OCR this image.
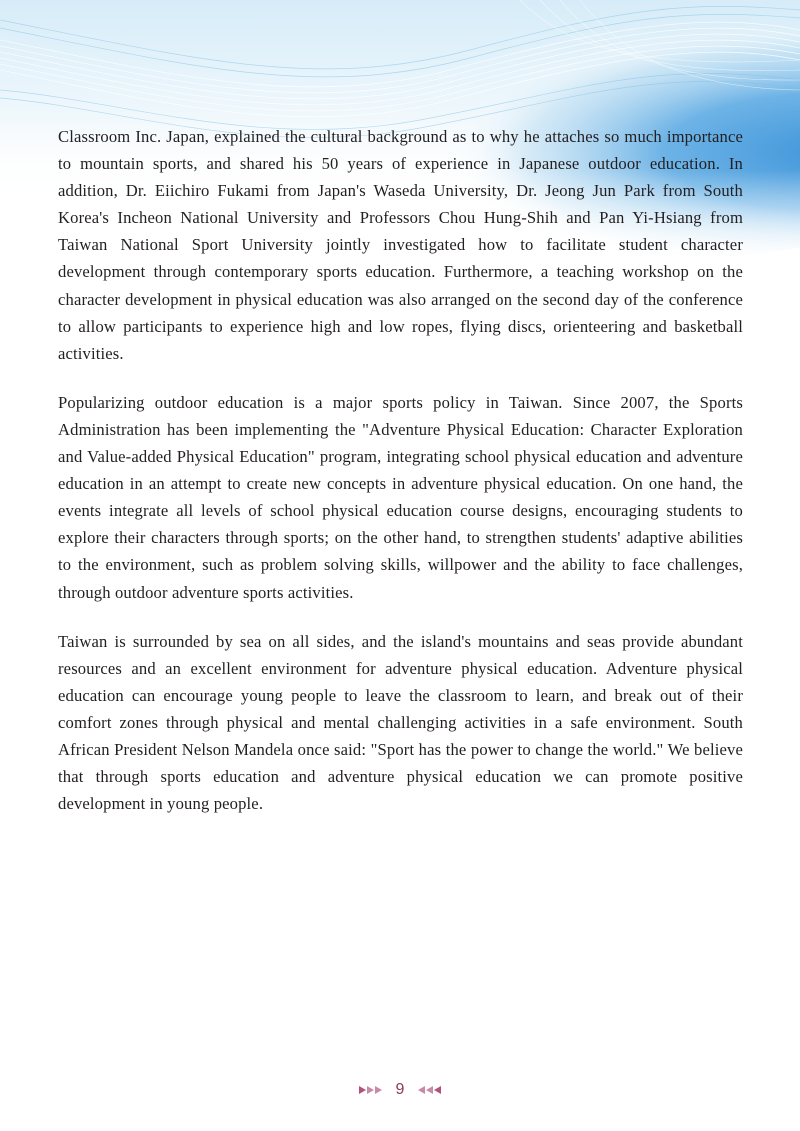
Classroom Inc. Japan, explained the cultural background as to why he attaches so much importance to mountain sports, and shared his 50 years of experience in Japanese outdoor education. In addition, Dr. Eiichiro Fukami from Japan's Waseda University, Dr. Jeong Jun Park from South Korea's Incheon National University and Professors Chou Hung-Shih and Pan Yi-Hsiang from Taiwan National Sport University jointly investigated how to facilitate student character development through contemporary sports education. Furthermore, a teaching workshop on the character development in physical education was also arranged on the second day of the conference to allow participants to experience high and low ropes, flying discs, orienteering and basketball activities.

Popularizing outdoor education is a major sports policy in Taiwan. Since 2007, the Sports Administration has been implementing the "Adventure Physical Education: Character Exploration and Value-added Physical Education" program, integrating school physical education and adventure education in an attempt to create new concepts in adventure physical education. On one hand, the events integrate all levels of school physical education course designs, encouraging students to explore their characters through sports; on the other hand, to strengthen students' adaptive abilities to the environment, such as problem solving skills, willpower and the ability to face challenges, through outdoor adventure sports activities.

Taiwan is surrounded by sea on all sides, and the island's mountains and seas provide abundant resources and an excellent environment for adventure physical education. Adventure physical education can encourage young people to leave the classroom to learn, and break out of their comfort zones through physical and mental challenging activities in a safe environment. South African President Nelson Mandela once said: "Sport has the power to change the world." We believe that through sports education and adventure physical education we can promote positive development in young people.

9
